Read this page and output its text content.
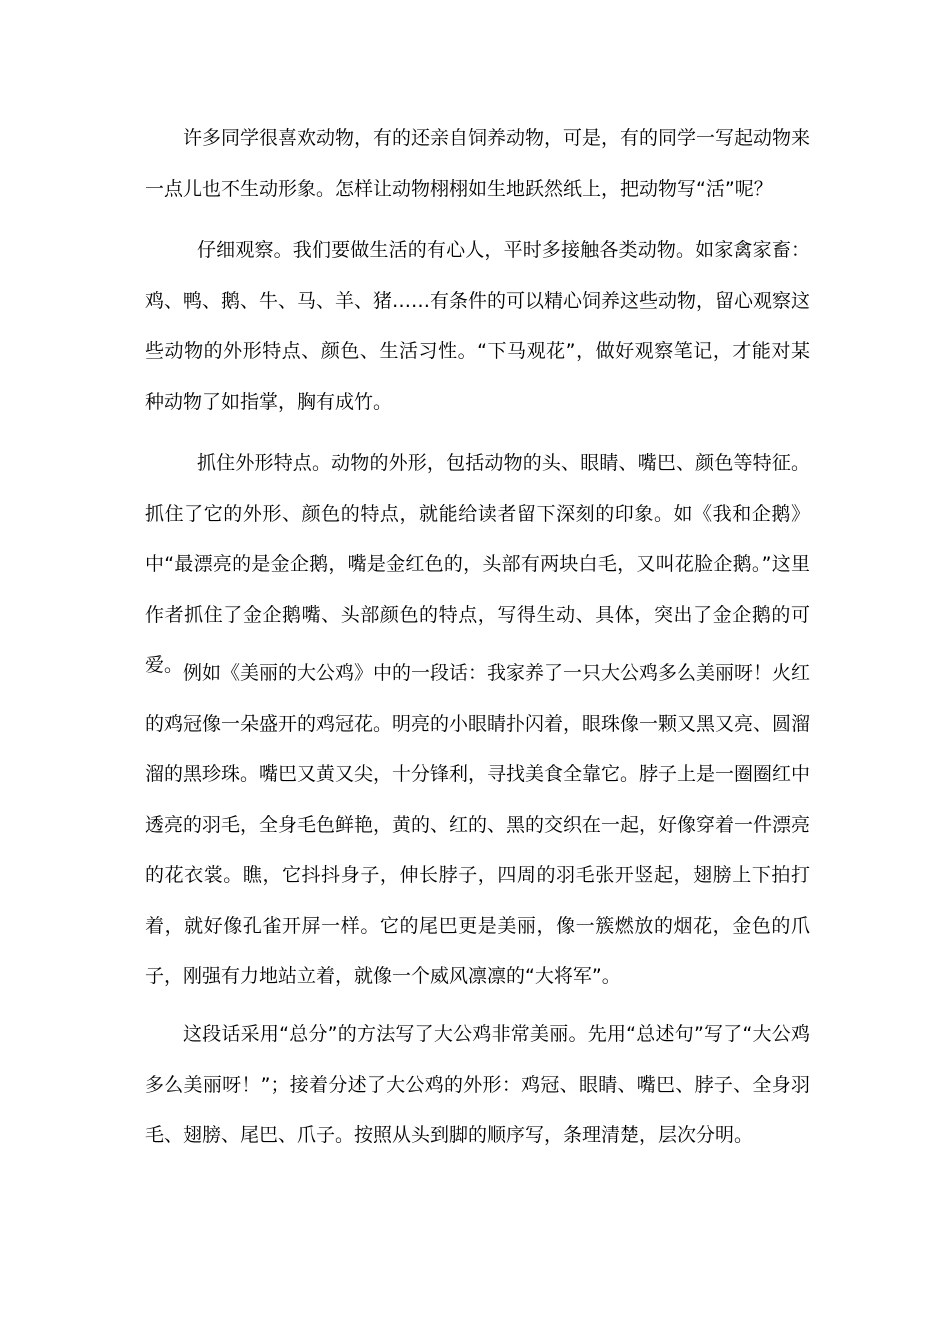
许多同学很喜欢动物，有的还亲自饲养动物，可是，有的同学一写起动物来一点儿也不生动形象。怎样让动物栩栩如生地跃然纸上，把动物写“活”呢？

仔细观察。我们要做生活的有心人，平时多接触各类动物。如家禽家畜：鸡、鸭、鹅、牛、马、羊、猪……有条件的可以精心饲养这些动物，留心观察这些动物的外形特点、颜色、生活习性。“下马观花”，做好观察笔记，才能对某种动物了如指掌，胸有成竹。

抓住外形特点。动物的外形，包括动物的头、眼睛、嘴巴、颜色等特征。抓住了它的外形、颜色的特点，就能给读者留下深刻的印象。如《我和企鹅》中“最漂亮的是金企鹅，嘴是金红色的，头部有两块白毛，又叫花脸企鹅。”这里作者抓住了金企鹅嘴、头部颜色的特点，写得生动、具体，突出了金企鹅的可爱。 例如《美丽的大公鸡》中的一段话：我家养了一只大公鸡多么美丽呀！火红的鸡冠像一朵盛开的鸡冠花。明亮的小眼睛扑闪着，眼珠像一颗又黑又亮、圆溜溜的黑珍珠。嘴巴又黄又尖，十分锋利，寻找美食全靠它。脖子上是一圈圈红中透亮的羽毛，全身毛色鲜艳，黄的、红的、黑的交织在一起，好像穿着一件漂亮的花衣裳。瞧，它抖抖身子，伸长脖子，四周的羽毛张开竖起，翅膀上下拍打着，就好像孔雀开屏一样。它的尾巴更是美丽，像一簇燃放的烟花，金色的爪子，刚强有力地站立着，就像一个威风凛凛的“大将军”。

这段话采用“总分”的方法写了大公鸡非常美丽。先用“总述句”写了“大公鸡多么美丽呀！”；接着分述了大公鸡的外形：鸡冠、眼睛、嘴巴、脖子、全身羽毛、翅膀、尾巴、爪子。按照从头到脚的顺序写，条理清楚，层次分明。
